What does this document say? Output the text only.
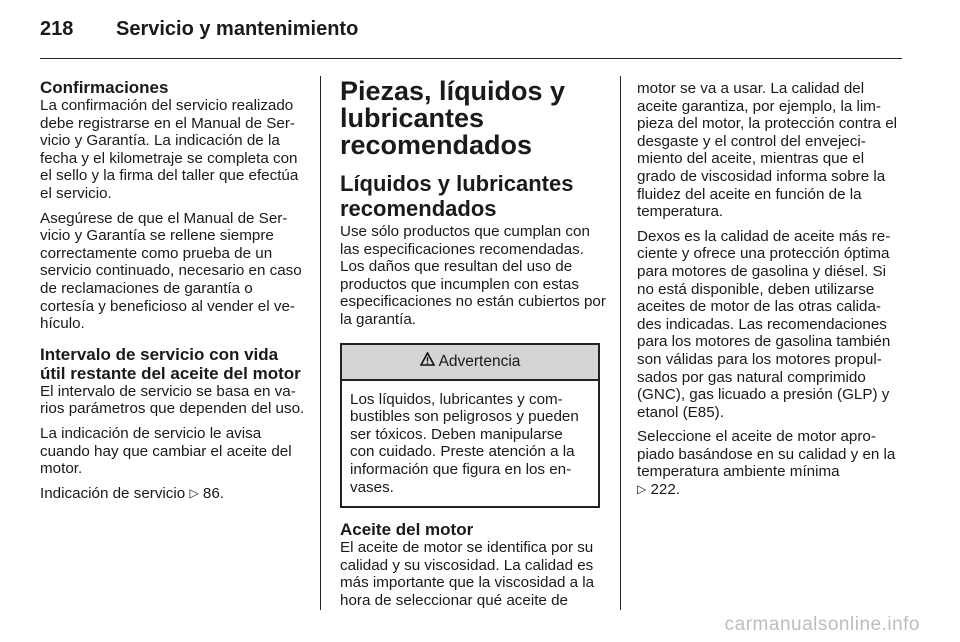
218 Servicio y mantenimiento
Confirmaciones

La confirmación del servicio realizado debe registrarse en el Manual de Ser-vicio y Garantía. La indicación de la fecha y el kilometraje se completa con el sello y la firma del taller que efectúa el servicio.

Asegúrese de que el Manual de Ser-vicio y Garantía se rellene siempre correctamente como prueba de un servicio continuado, necesario en caso de reclamaciones de garantía o cortesía y beneficioso al vender el ve-hículo.

Intervalo de servicio con vida útil restante del aceite del motor

El intervalo de servicio se basa en va-rios parámetros que dependen del uso.

La indicación de servicio le avisa cuando hay que cambiar el aceite del motor.

Indicación de servicio ▷ 86.

Piezas, líquidos y lubricantes recomendados
Líquidos y lubricantes recomendados

Use sólo productos que cumplan con las especificaciones recomendadas. Los daños que resultan del uso de productos que incumplen con estas especificaciones no están cubiertos por la garantía.

Advertencia

Los líquidos, lubricantes y com-bustibles son peligrosos y pueden ser tóxicos. Deben manipularse con cuidado. Preste atención a la información que figura en los en-vases.

Aceite del motor

El aceite de motor se identifica por su calidad y su viscosidad. La calidad es más importante que la viscosidad a la hora de seleccionar qué aceite de

motor se va a usar. La calidad del aceite garantiza, por ejemplo, la lim-pieza del motor, la protección contra el desgaste y el control del envejeci-miento del aceite, mientras que el grado de viscosidad informa sobre la fluidez del aceite en función de la temperatura.

Dexos es la calidad de aceite más re-ciente y ofrece una protección óptima para motores de gasolina y diésel. Si no está disponible, deben utilizarse aceites de motor de las otras calida-des indicadas. Las recomendaciones para los motores de gasolina también son válidas para los motores propul-sados por gas natural comprimido (GNC), gas licuado a presión (GLP) y etanol (E85).

Seleccione el aceite de motor apro-piado basándose en su calidad y en la temperatura ambiente mínima
▷ 222.

carmanualsonline.info
